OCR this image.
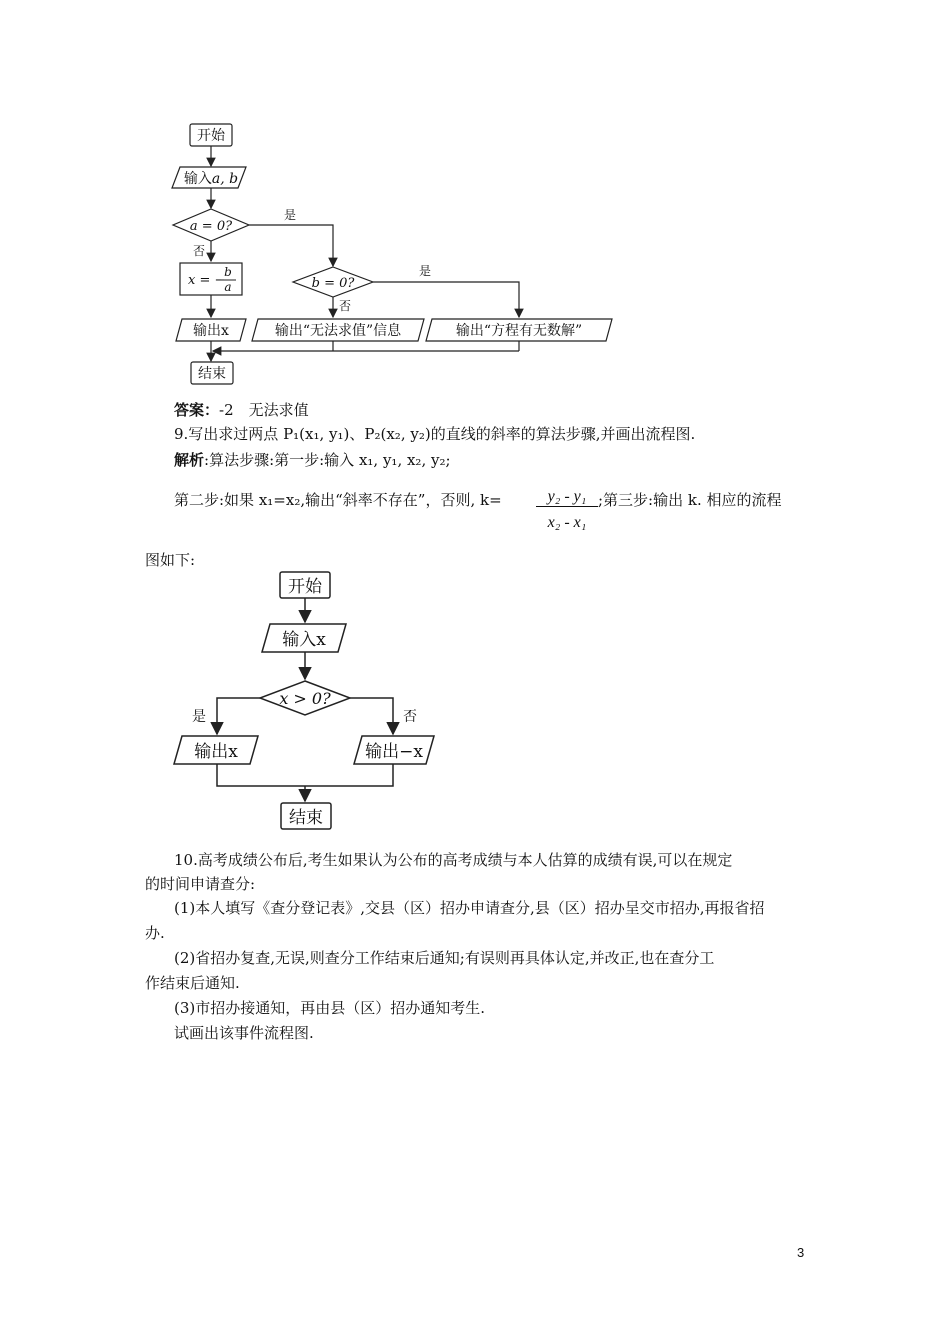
开始
输入a, b
a = 0?
是
否
x = −
b
a	b = 0?
是
否
输出x	输出“无法求值”信息	输出“方程有无数解”
结束
答案：-2　无法求值
9.写出求过两点 P₁(x₁, y₁)、P₂(x₂, y₂)的直线的斜率的算法步骤,并画出流程图.
解析:算法步骤:第一步:输入 x₁, y₁, x₂, y₂;
第二步:如果 x₁=x₂,输出“斜率不存在”，否则, k=	y₂ - y₁
x₂ - x₁
;第三步:输出 k. 相应的流程
图如下:
开始
输入x
x > 0?
是	否
输出x	输出−x
结束
10.高考成绩公布后,考生如果认为公布的高考成绩与本人估算的成绩有误,可以在规定
的时间申请查分:
(1)本人填写《查分登记表》,交县（区）招办申请查分,县（区）招办呈交市招办,再报省招
办.
(2)省招办复查,无误,则查分工作结束后通知;有误则再具体认定,并改正,也在查分工
作结束后通知.
(3)市招办接通知，再由县（区）招办通知考生.
试画出该事件流程图.
3
